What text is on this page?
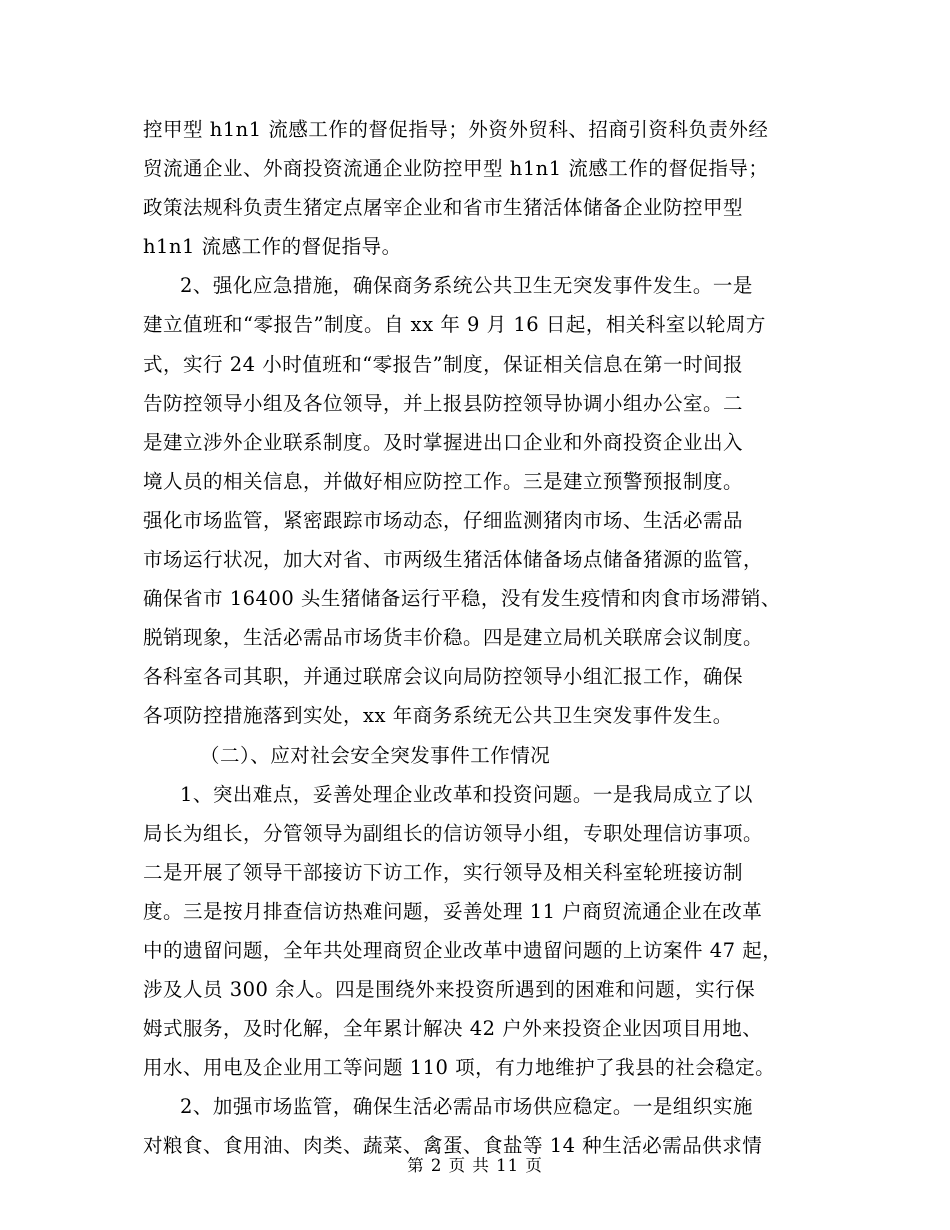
控甲型 h1n1 流感工作的督促指导；外资外贸科、招商引资科负责外经
贸流通企业、外商投资流通企业防控甲型 h1n1 流感工作的督促指导；
政策法规科负责生猪定点屠宰企业和省市生猪活体储备企业防控甲型
h1n1 流感工作的督促指导。
2、强化应急措施，确保商务系统公共卫生无突发事件发生。一是
建立值班和“零报告”制度。自 xx 年 9 月 16 日起，相关科室以轮周方
式，实行 24 小时值班和“零报告”制度，保证相关信息在第一时间报
告防控领导小组及各位领导，并上报县防控领导协调小组办公室。二
是建立涉外企业联系制度。及时掌握进出口企业和外商投资企业出入
境人员的相关信息，并做好相应防控工作。三是建立预警预报制度。
强化市场监管，紧密跟踪市场动态，仔细监测猪肉市场、生活必需品
市场运行状况，加大对省、市两级生猪活体储备场点储备猪源的监管，
确保省市 16400 头生猪储备运行平稳，没有发生疫情和肉食市场滞销、
脱销现象，生活必需品市场货丰价稳。四是建立局机关联席会议制度。
各科室各司其职，并通过联席会议向局防控领导小组汇报工作，确保
各项防控措施落到实处，xx 年商务系统无公共卫生突发事件发生。
（二）、应对社会安全突发事件工作情况
1、突出难点，妥善处理企业改革和投资问题。一是我局成立了以
局长为组长，分管领导为副组长的信访领导小组，专职处理信访事项。
二是开展了领导干部接访下访工作，实行领导及相关科室轮班接访制
度。三是按月排查信访热难问题，妥善处理 11 户商贸流通企业在改革
中的遗留问题，全年共处理商贸企业改革中遗留问题的上访案件 47 起，
涉及人员 300 余人。四是围绕外来投资所遇到的困难和问题，实行保
姆式服务，及时化解，全年累计解决 42 户外来投资企业因项目用地、
用水、用电及企业用工等问题 110 项，有力地维护了我县的社会稳定。
2、加强市场监管，确保生活必需品市场供应稳定。一是组织实施
对粮食、食用油、肉类、蔬菜、禽蛋、食盐等 14 种生活必需品供求情
第 2 页 共 11 页
